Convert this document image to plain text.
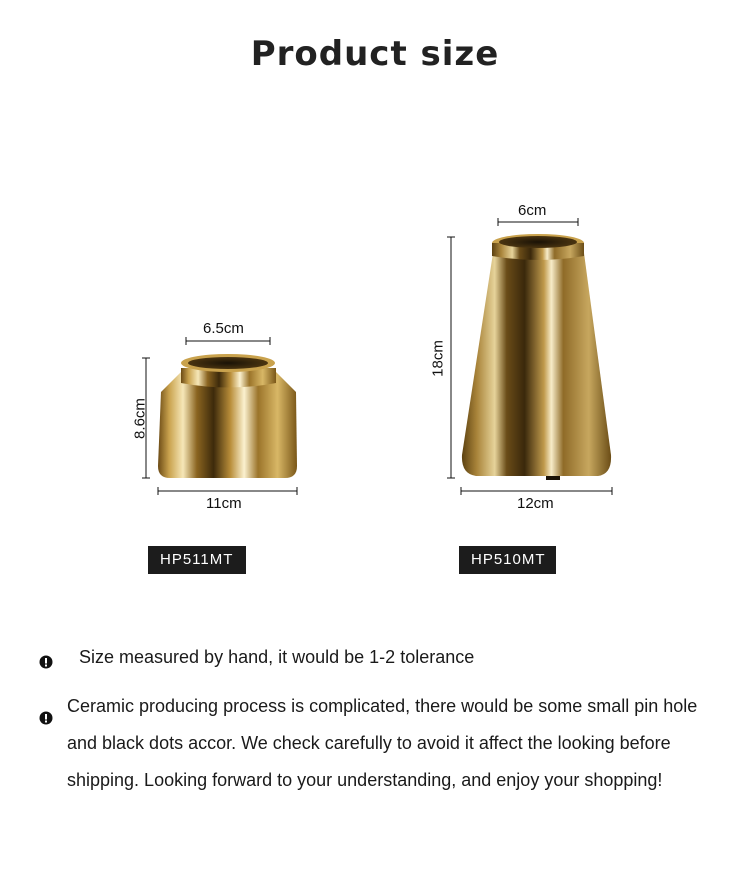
Product size
6.5cm
8.6cm
11cm
6cm
18cm
12cm
HP511MT	HP510MT
Size measured by hand, it would be 1-2 tolerance
Ceramic producing process is complicated, there would be some small pin hole and black dots accor. We check carefully to avoid it affect the looking before shipping. Looking forward to your understanding, and enjoy your shopping!
